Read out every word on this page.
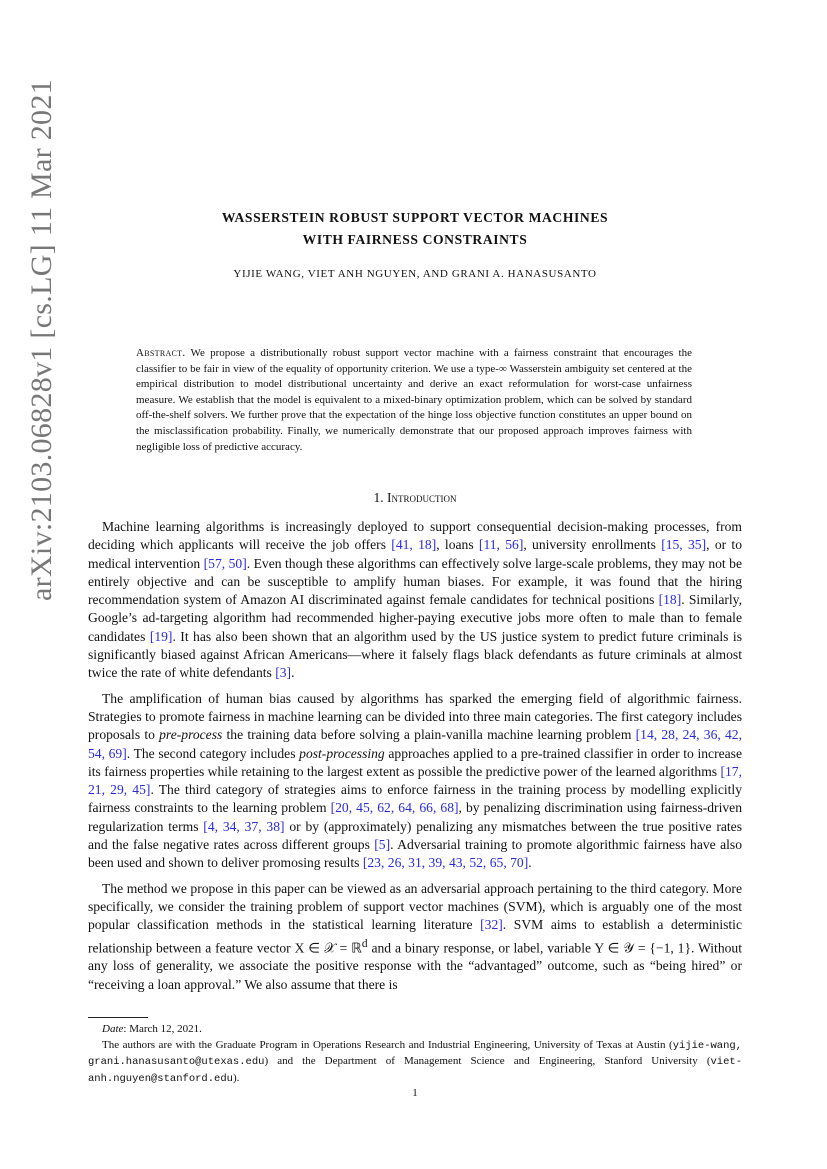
arXiv:2103.06828v1 [cs.LG] 11 Mar 2021	WASSERSTEIN ROBUST SUPPORT VECTOR MACHINES
WITH FAIRNESS CONSTRAINTS
YIJIE WANG, VIET ANH NGUYEN, AND GRANI A. HANASUSANTO
Abstract. We propose a distributionally robust support vector machine with a fairness constraint that encourages the classifier to be fair in view of the equality of opportunity criterion. We use a type-∞ Wasserstein ambiguity set centered at the empirical distribution to model distributional uncertainty and derive an exact reformulation for worst-case unfairness measure. We establish that the model is equivalent to a mixed-binary optimization problem, which can be solved by standard off-the-shelf solvers. We further prove that the expectation of the hinge loss objective function constitutes an upper bound on the misclassification probability. Finally, we numerically demonstrate that our proposed approach improves fairness with negligible loss of predictive accuracy.
1. Introduction

Machine learning algorithms is increasingly deployed to support consequential decision-making processes, from deciding which applicants will receive the job offers [41, 18], loans [11, 56], university enrollments [15, 35], or to medical intervention [57, 50]. Even though these algorithms can effectively solve large-scale problems, they may not be entirely objective and can be susceptible to amplify human biases. For example, it was found that the hiring recommendation system of Amazon AI discriminated against female candidates for technical positions [18]. Similarly, Google’s ad-targeting algorithm had recommended higher-paying executive jobs more often to male than to female candidates [19]. It has also been shown that an algorithm used by the US justice system to predict future criminals is significantly biased against African Americans—where it falsely flags black defendants as future criminals at almost twice the rate of white defendants [3].

The amplification of human bias caused by algorithms has sparked the emerging field of algorithmic fairness. Strategies to promote fairness in machine learning can be divided into three main categories. The first category includes proposals to pre-process the training data before solving a plain-vanilla machine learning problem [14, 28, 24, 36, 42, 54, 69]. The second category includes post-processing approaches applied to a pre-trained classifier in order to increase its fairness properties while retaining to the largest extent as possible the predictive power of the learned algorithms [17, 21, 29, 45]. The third category of strategies aims to enforce fairness in the training process by modelling explicitly fairness constraints to the learning problem [20, 45, 62, 64, 66, 68], by penalizing discrimination using fairness-driven regularization terms [4, 34, 37, 38] or by (approximately) penalizing any mismatches between the true positive rates and the false negative rates across different groups [5]. Adversarial training to promote algorithmic fairness have also been used and shown to deliver promosing results [23, 26, 31, 39, 43, 52, 65, 70].

The method we propose in this paper can be viewed as an adversarial approach pertaining to the third category. More specifically, we consider the training problem of support vector machines (SVM), which is arguably one of the most popular classification methods in the statistical learning literature [32]. SVM aims to establish a deterministic relationship between a feature vector X ∈ 𝒳 = ℝ$^d$ and a binary response, or label, variable Y ∈ 𝒴 = {−1, 1}. Without any loss of generality, we associate the positive response with the “advantaged” outcome, such as “being hired” or “receiving a loan approval.” We also assume that there is

Date: March 12, 2021.

The authors are with the Graduate Program in Operations Research and Industrial Engineering, University of Texas at Austin (yijie-wang, grani.hanasusanto@utexas.edu) and the Department of Management Science and Engineering, Stanford University (viet-anh.nguyen@stanford.edu).

1
